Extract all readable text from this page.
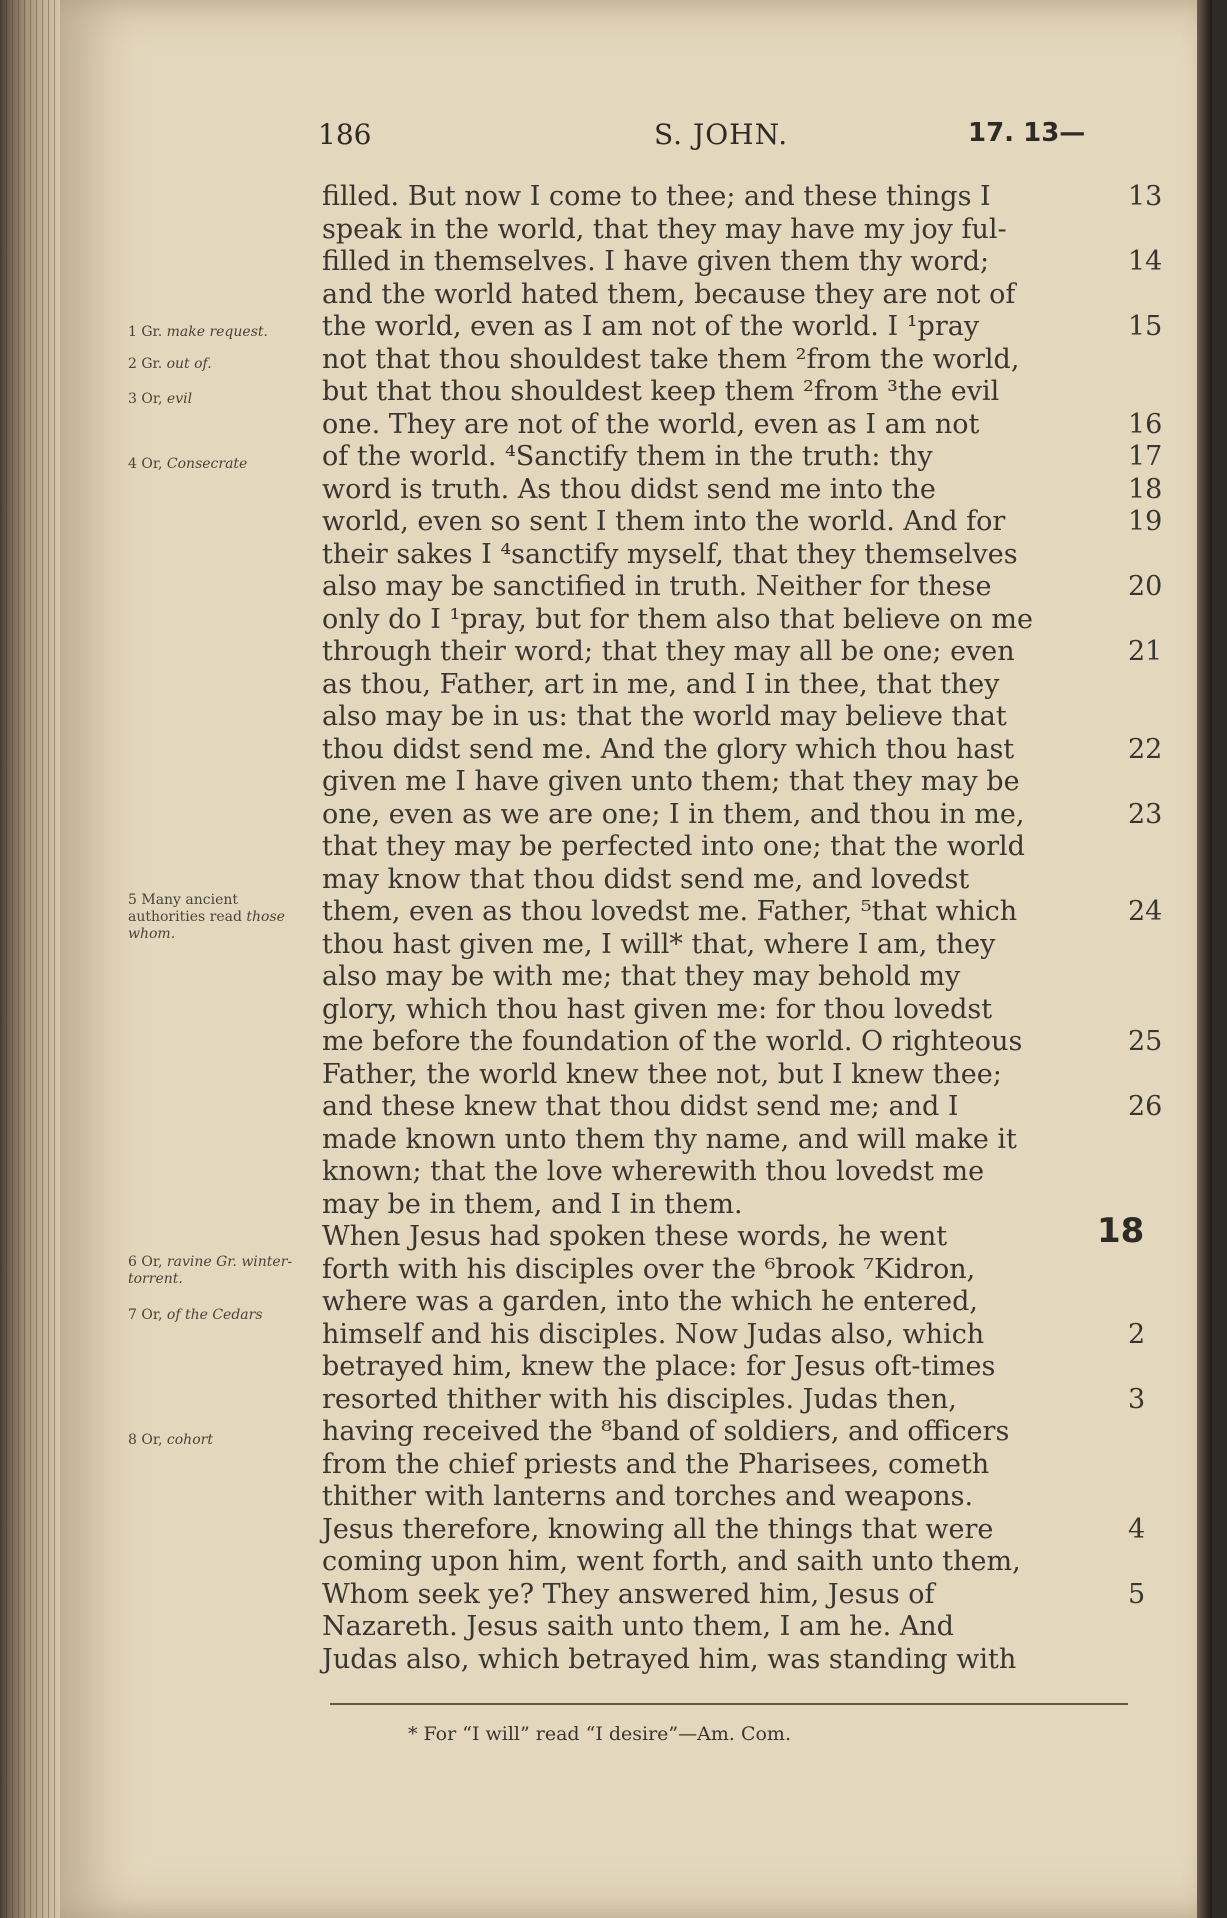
186	S. JOHN.	17. 13—
filled. But now I come to thee; and these things I	13
speak in the world, that they may have my joy ful-
filled in themselves. I have given them thy word;	14
and the world hated them, because they are not of
the world, even as I am not of the world. I ¹pray	15
not that thou shouldest take them ²from the world,
but that thou shouldest keep them ²from ³the evil
one. They are not of the world, even as I am not	16
of the world. ⁴Sanctify them in the truth: thy	17
word is truth. As thou didst send me into the	18
world, even so sent I them into the world. And for	19
their sakes I ⁴sanctify myself, that they themselves
also may be sanctified in truth. Neither for these	20
only do I ¹pray, but for them also that believe on me
through their word; that they may all be one; even	21
as thou, Father, art in me, and I in thee, that they
also may be in us: that the world may believe that
thou didst send me. And the glory which thou hast	22
given me I have given unto them; that they may be
one, even as we are one; I in them, and thou in me,	23
that they may be perfected into one; that the world
may know that thou didst send me, and lovedst
them, even as thou lovedst me. Father, ⁵that which	24
thou hast given me, I will* that, where I am, they
also may be with me; that they may behold my
glory, which thou hast given me: for thou lovedst
me before the foundation of the world. O righteous	25
Father, the world knew thee not, but I knew thee;
and these knew that thou didst send me; and I	26
made known unto them thy name, and will make it
known; that the love wherewith thou lovedst me
may be in them, and I in them.
When Jesus had spoken these words, he went	18
forth with his disciples over the ⁶brook ⁷Kidron,
where was a garden, into the which he entered,
himself and his disciples. Now Judas also, which	2
betrayed him, knew the place: for Jesus oft-times
resorted thither with his disciples. Judas then,	3
having received the ⁸band of soldiers, and officers
from the chief priests and the Pharisees, cometh
thither with lanterns and torches and weapons.
Jesus therefore, knowing all the things that were	4
coming upon him, went forth, and saith unto them,
Whom seek ye? They answered him, Jesus of	5
Nazareth. Jesus saith unto them, I am he. And
Judas also, which betrayed him, was standing with
1 Gr. make request.
2 Gr. out of.
3 Or, evil
4 Or, Consecrate
5 Many ancient authorities read those whom.
6 Or, ravine Gr. winter-torrent.
7 Or, of the Cedars
8 Or, cohort
* For “I will” read “I desire”—Am. Com.
